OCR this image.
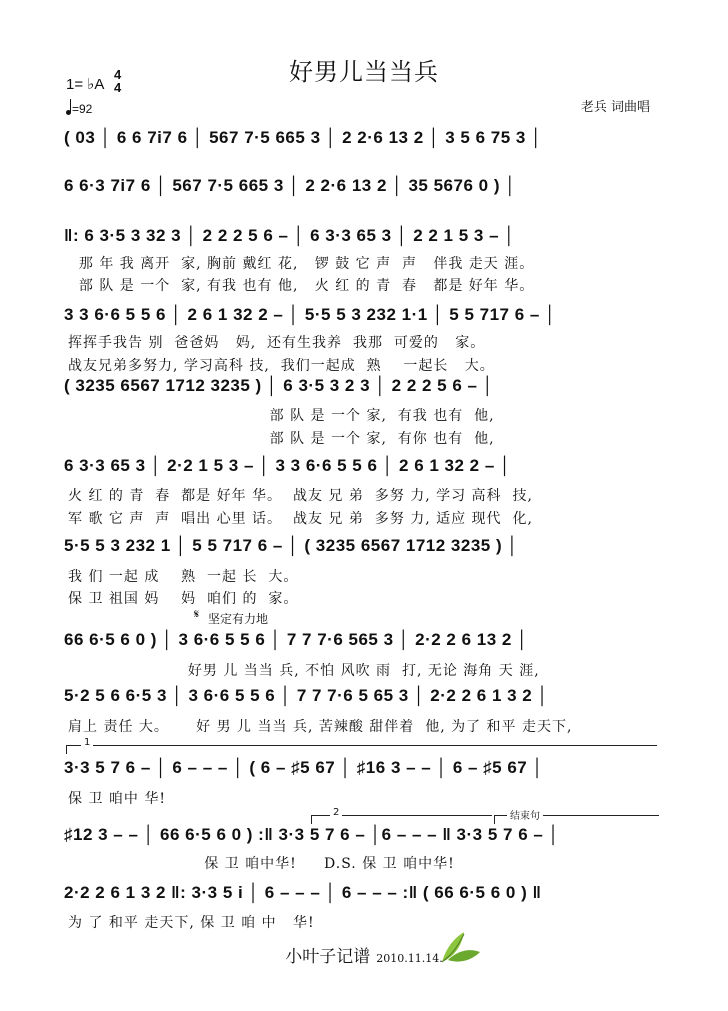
好男儿当当兵
1= ♭A
4
4
=92	老兵 词曲唱
( 03 │ 6 6 7i7 6 │ 567 7·5 665 3 │ 2 2·6 13 2 │ 3 5 6 75 3 │
6 6·3 7i7 6 │ 567 7·5 665 3 │ 2 2·6 13 2 │ 35 5676 0 ) │
‖: 6 3·5 3 32 3 │ 2 2 2 5 6 – │ 6 3·3 65 3 │ 2 2 1 5 3 – │
那 年 我 离开  家, 胸前 戴红 花,   锣 鼓 它 声  声   伴我 走天 涯。
部 队 是 一个  家, 有我 也有 他,   火 红 的 青  春   都是 好年 华。
3 3 6·6 5 5 6 │ 2 6 1 32 2 – │ 5·5 5 3 232 1·1 │ 5 5 717 6 – │
挥挥手我告 别  爸爸妈   妈,  还有生我养  我那  可爱的   家。
战友兄弟多努力, 学习高科 技,  我们一起成  熟    一起长   大。
( 3235 6567 1712 3235 ) │ 6 3·5 3 2 3 │ 2 2 2 5 6 – │
部 队 是 一个 家,  有我 也有  他,
部 队 是 一个 家,  有你 也有  他,
6 3·3 65 3 │ 2·2 1 5 3 – │ 3 3 6·6 5 5 6 │ 2 6 1 32 2 – │
火 红 的 青  春  都是 好年 华。  战友 兄 弟  多努 力, 学习 高科  技,
军 歌 它 声  声  唱出 心里 话。  战友 兄 弟  多努 力, 适应 现代  化,
5·5 5 3 232 1 │ 5 5 717 6 – │ ( 3235 6567 1712 3235 ) │
我 们 一起 成    熟  一起 长  大。
保 卫 祖国 妈    妈  咱们 的  家。
𝄋 坚定有力地
66 6·5 6 0 ) │ 3 6·6 5 5 6 │ 7 7 7·6 565 3 │ 2·2 2 6 13 2 │
好男 儿 当当 兵, 不怕 风吹 雨  打, 无论 海角 天 涯,
5·2 5 6 6·5 3 │ 3 6·6 5 5 6 │ 7 7 7·6 5 65 3 │ 2·2 2 6 1 3 2 │
肩上 责任 大。     好 男 儿 当当 兵, 苦辣酸 甜伴着  他, 为了 和平 走天下,
1
3·3 5 7 6 – │ 6 – – – │ ( 6 – ♯5 67 │ ♯16 3 – – │ 6 – ♯5 67 │
保 卫 咱中 华!
2	结束句
♯12 3 – – │ 66 6·5 6 0 ) :‖ 3·3 5 7 6 – │6 – – – ‖ 3·3 5 7 6 – │
保 卫 咱中华!     D.S. 保 卫 咱中华!
2·2 2 6 1 3 2 ‖: 3·3 5 i │ 6 – – – │ 6 – – – :‖ ( 66 6·5 6 0 ) ‖
为 了 和平 走天下, 保 卫 咱 中   华!
小叶子记谱 2010.11.14.
